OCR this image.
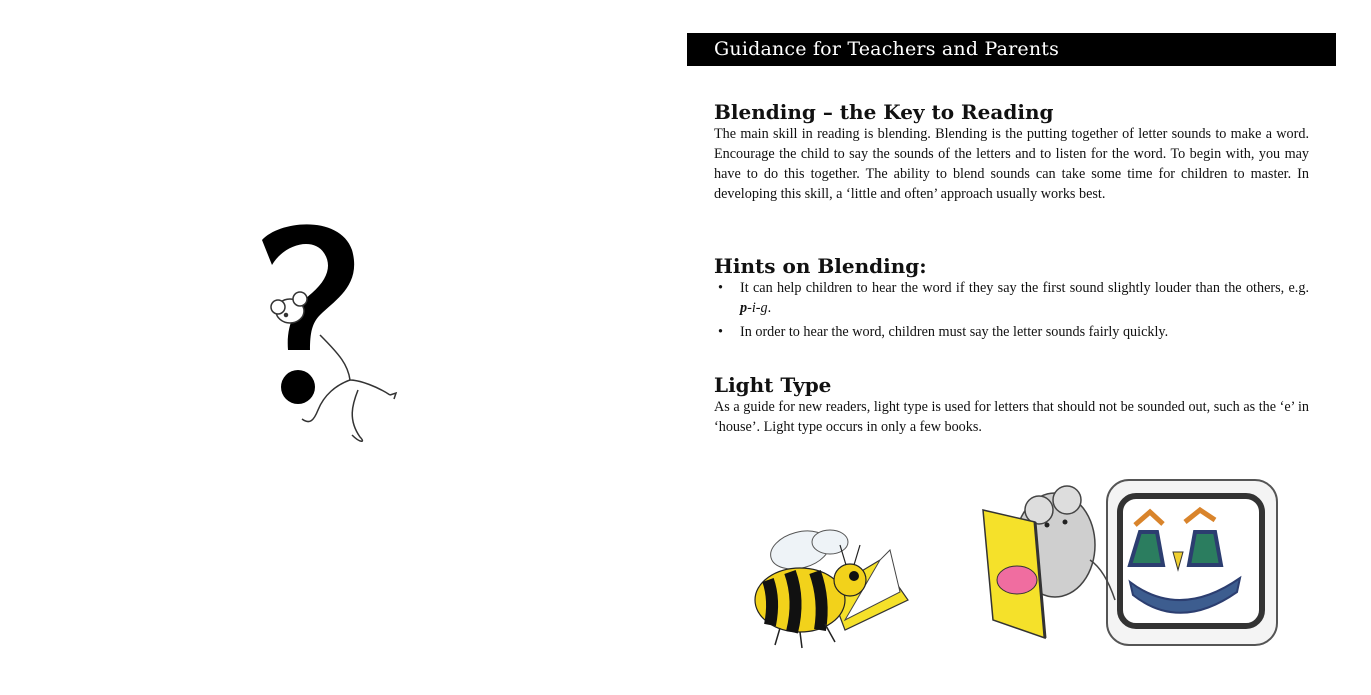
Guidance for Teachers and Parents
Blending – the Key to Reading

The main skill in reading is blending. Blending is the putting together of letter sounds to make a word. Encourage the child to say the sounds of the letters and to listen for the word. To begin with, you may have to do this together. The ability to blend sounds can take some time for children to master. In developing this skill, a ‘little and often’ approach usually works best.

Hints on Blending:
•	It can help children to hear the word if they say the first sound slightly louder than the others, e.g. p-i-g.
•	In order to hear the word, children must say the letter sounds fairly quickly.
Light Type

As a guide for new readers, light type is used for letters that should not be sounded out, such as the ‘e’ in ‘house’. Light type occurs in only a few books.
